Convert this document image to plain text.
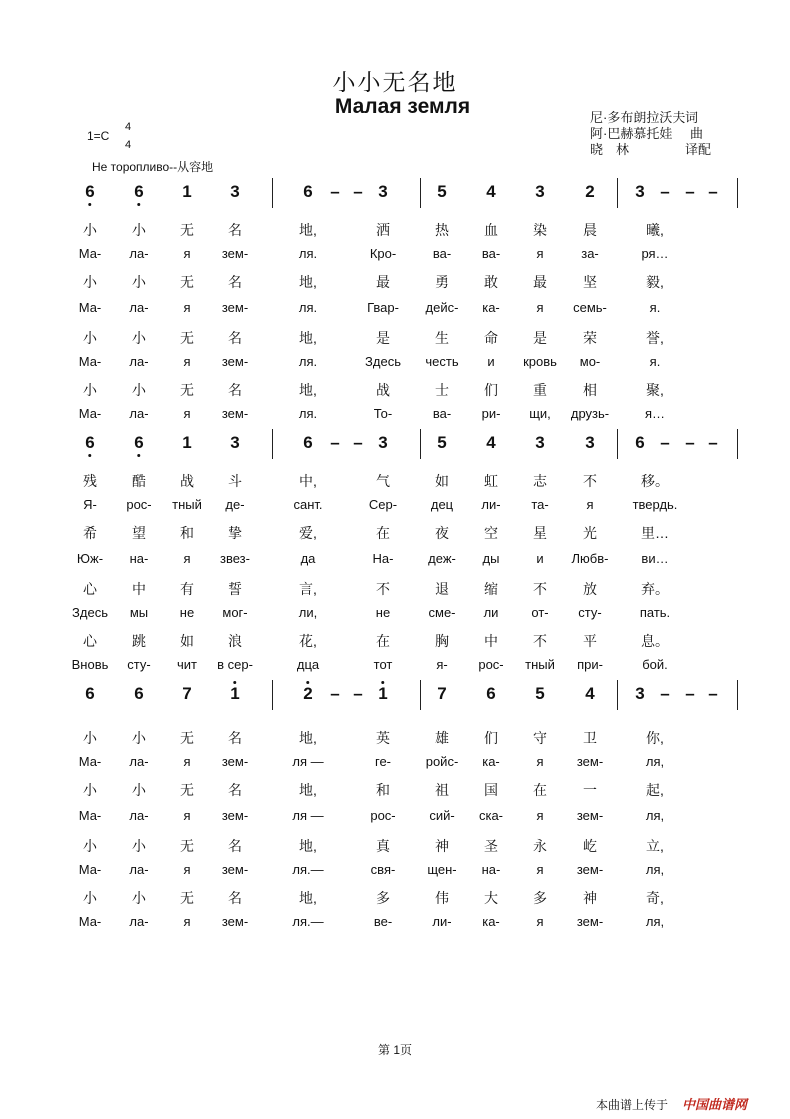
小小无名地
Малая земля	尼·多布朗拉沃夫 词
阿·巴赫慕托娃 曲
晓　林	译配
1=C
4
4
Не торопливо--从容地
6 6 1 3	6 – – 3	5 4 3 2 3 – – –
小	小 无 名	地,	洒	热	血	染	晨	曦,
Ма- ла-	я зем-	ля.	Кро-	ва- ва-	я	за-	ря…
小	小 无 名	地,	最	勇	敢	最	坚	毅,
Ма- ла-	я зем-	ля.	Гвар- дейс- ка-	я семь-	я.
小	小 无 名	地,	是	生	命	是	荣	誉,
Ма- ла-	я зем-	ля.	Здесь честь и кровь мо-	я.
小	小 无 名	地,	战	士	们	重	相	聚,
Ма- ла-	я зем-	ля.	То-	ва- ри- щи, друзь-	я…
6 6 1 3	6 – – 3	5 4 3 3 6 – – –
残	酷 战 斗	中,	气	如	虹	志	不	移。
Я- рос- тный де-	сант.	Сер-	дец ли- та-	я	твердь.
希	望 和 挚	爱,	在	夜	空	星	光	里…
Юж- на-	я звез-	да	На-	деж- ды	и Любв-	ви…
心	中 有 誓	言,	不	退	缩	不	放	弃。
Здесь мы не мог-	ли,	не	сме- ли	от- сту-	пать.
心	跳 如 浪	花,	在	胸	中	不	平	息。
Вновь сту- чит в сер-	дца	тот	я- рос- тный при-	бой.
6 6 7 1	2 – – 1	7 6 5 4 3 – – –
小	小 无 名	地,	英	雄	们	守	卫	你,
Ма- ла-	я зем-	ля —	ге-	ройс- ка-	я	зем-	ля,
小	小 无 名	地,	和	祖	国	在	一	起,
Ма- ла-	я зем-	ля —	рос-	сий- ска-	я	зем-	ля,
小	小 无 名	地,	真	神	圣	永	屹	立,
Ма- ла-	я зем-	ля.—	свя- щен- на-	я	зем-	ля,
小	小 无 名	地,	多	伟	大	多	神	奇,
Ма- ла-	я зем-	ля.—	ве-	ли- ка-	я	зем-	ля,
第 1页
本曲谱上传于 中国曲谱网
